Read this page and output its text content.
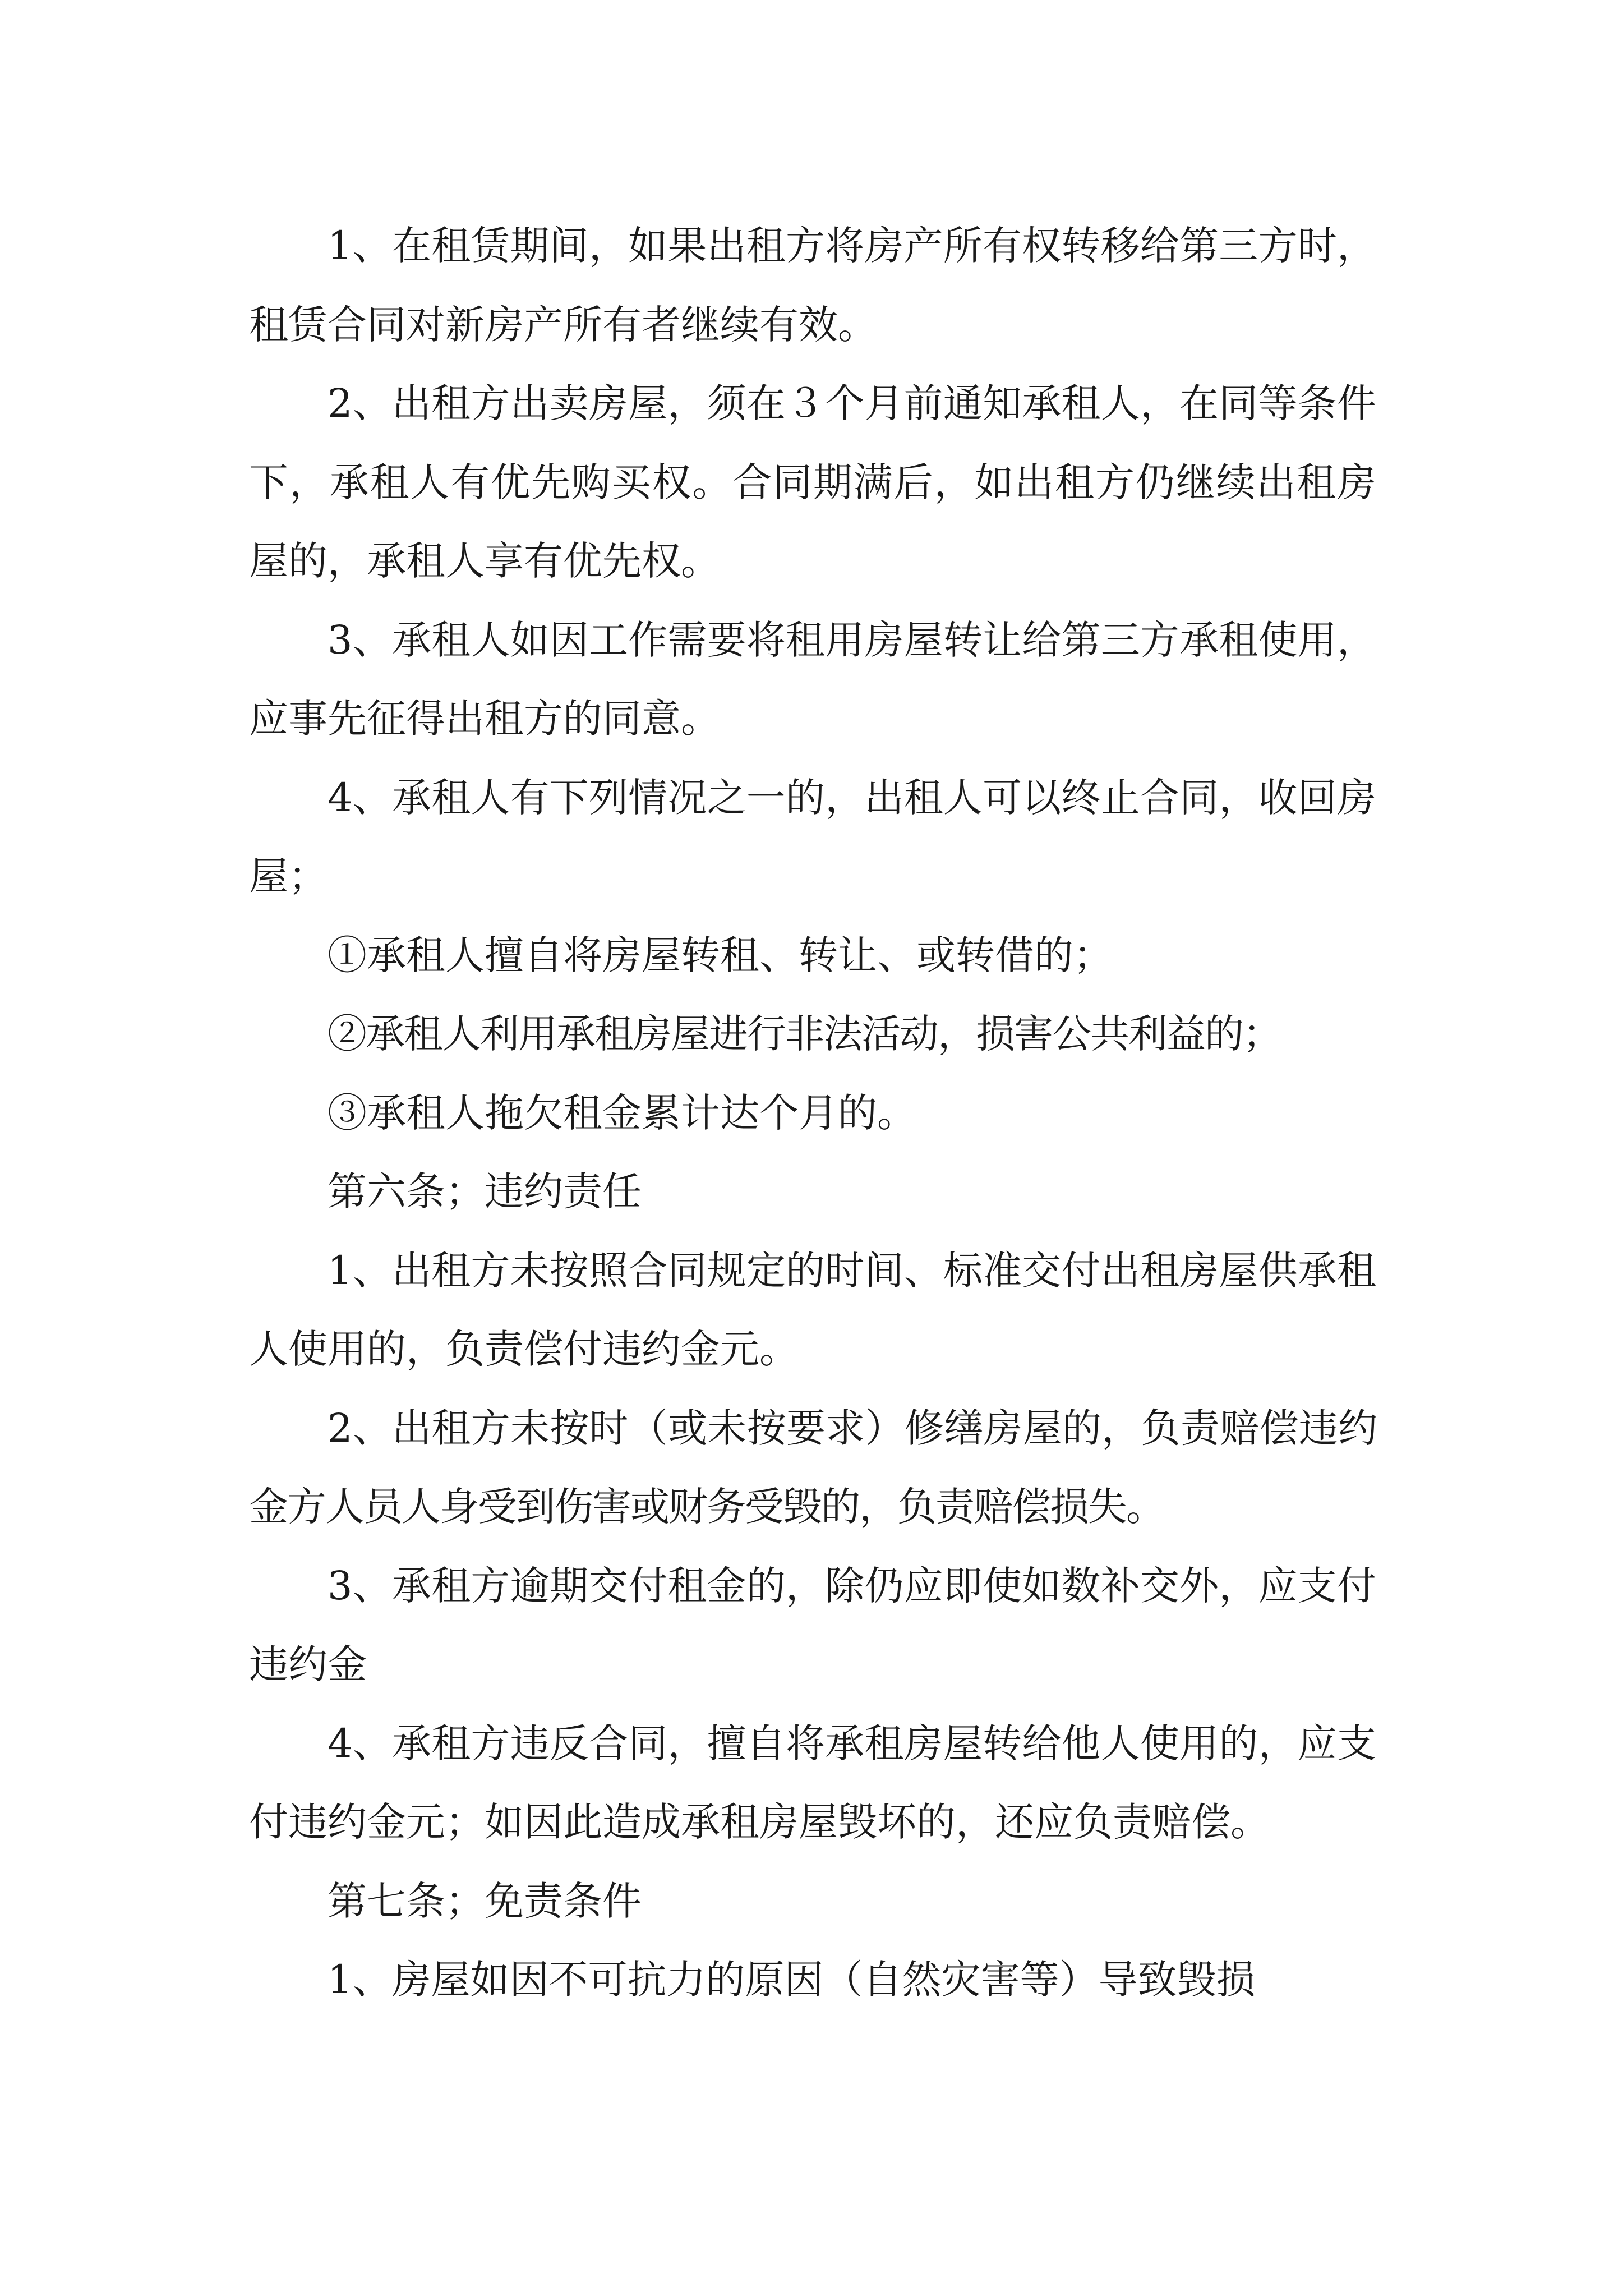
1、在租赁期间，如果出租方将房产所有权转移给第三方时，租赁合同对新房产所有者继续有效。

2、出租方出卖房屋，须在３个月前通知承租人，在同等条件下，承租人有优先购买权。合同期满后，如出租方仍继续出租房屋的，承租人享有优先权。

3、承租人如因工作需要将租用房屋转让给第三方承租使用，应事先征得出租方的同意。

4、承租人有下列情况之一的，出租人可以终止合同，收回房屋；

①承租人擅自将房屋转租、转让、或转借的；

②承租人利用承租房屋进行非法活动，损害公共利益的；

③承租人拖欠租金累计达个月的。

第六条；违约责任

1、出租方未按照合同规定的时间、标准交付出租房屋供承租人使用的，负责偿付违约金元。

2、出租方未按时（或未按要求）修缮房屋的，负责赔偿违约金方人员人身受到伤害或财务受毁的，负责赔偿损失。

3、承租方逾期交付租金的，除仍应即使如数补交外，应支付违约金

4、承租方违反合同，擅自将承租房屋转给他人使用的，应支付违约金元；如因此造成承租房屋毁坏的，还应负责赔偿。

第七条；免责条件

1、房屋如因不可抗力的原因（自然灾害等）导致毁损
